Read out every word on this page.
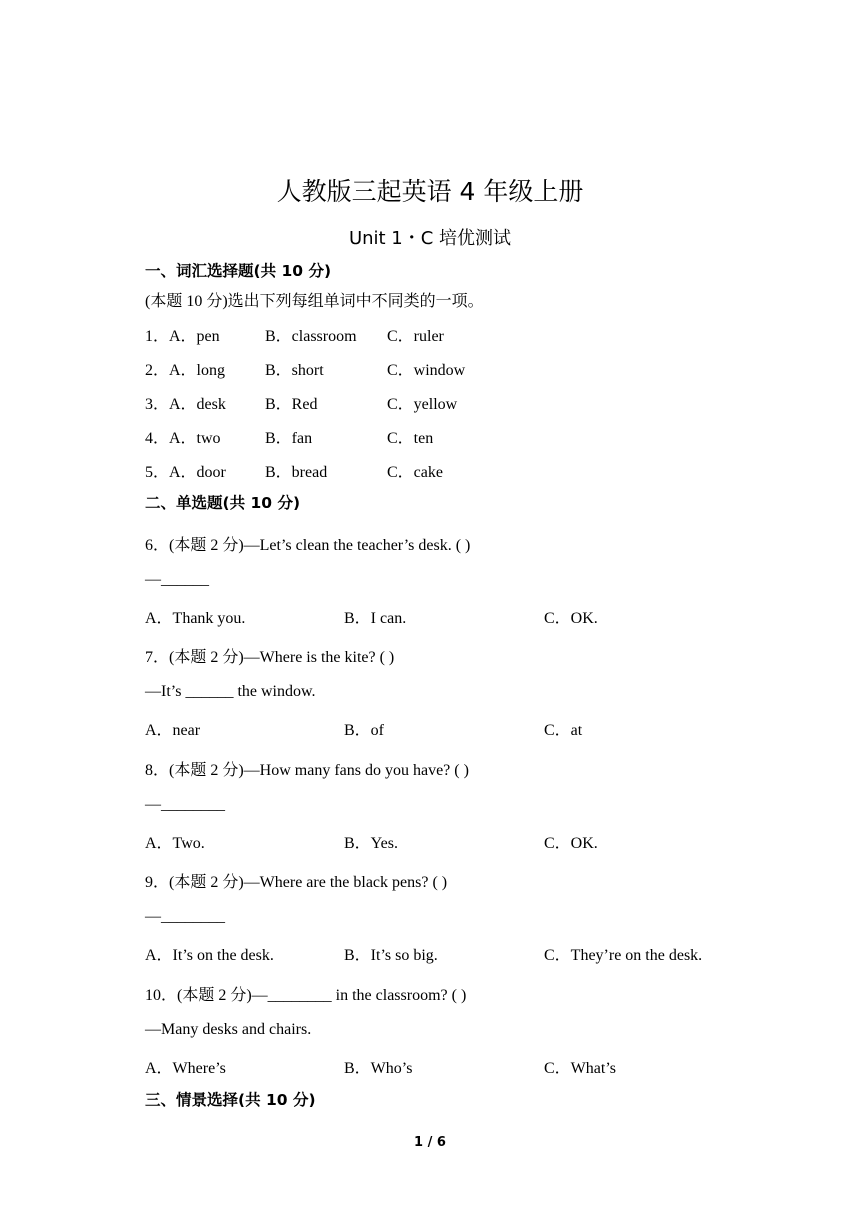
人教版三起英语 4 年级上册
Unit 1・C 培优测试
一、词汇选择题(共 10 分)
(本题 10 分)选出下列每组单词中不同类的一项。
1．A．pen	B．classroom C．ruler
2．A．long B．short	C．window
3．A．desk B．Red	C．yellow
4．A．two	B．fan	C．ten
5．A．door B．bread	C．cake
二、单选题(共 10 分)
6．(本题 2 分)—Let’s clean the teacher’s desk. ( )
—______
A．Thank you.	B．I can.	C．OK.
7．(本题 2 分)—Where is the kite? ( )
—It’s ______ the window.
A．near	B．of	C．at
8．(本题 2 分)—How many fans do you have? ( )
—________
A．Two.	B．Yes.	C．OK.
9．(本题 2 分)—Where are the black pens? ( )
—________
A．It’s on the desk.	B．It’s so big.	C．They’re on the desk.
10．(本题 2 分)—________ in the classroom? ( )
—Many desks and chairs.
A．Where’s	B．Who’s	C．What’s
三、情景选择(共 10 分)
1 / 6
